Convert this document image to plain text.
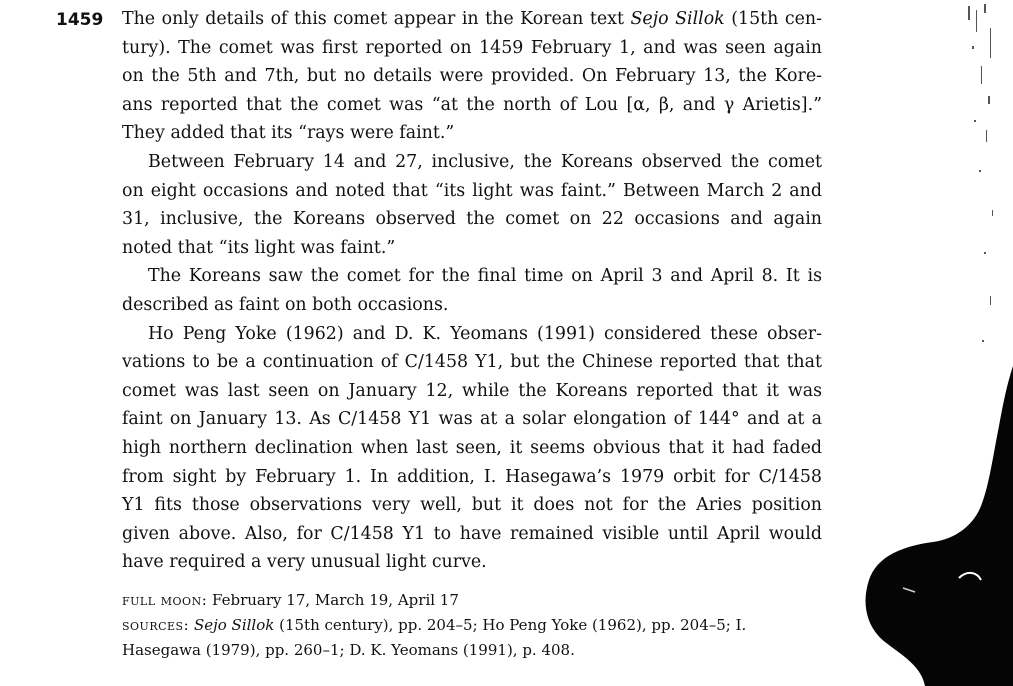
1459 The only details of this comet appear in the Korean text Sejo Sillok (15th cen-
tury). The comet was first reported on 1459 February 1, and was seen again
on the 5th and 7th, but no details were provided. On February 13, the Kore-
ans reported that the comet was “at the north of Lou [α, β, and γ Arietis].”
They added that its “rays were faint.”
Between February 14 and 27, inclusive, the Koreans observed the comet
on eight occasions and noted that “its light was faint.” Between March 2 and
31, inclusive, the Koreans observed the comet on 22 occasions and again
noted that “its light was faint.”
The Koreans saw the comet for the final time on April 3 and April 8. It is
described as faint on both occasions.
Ho Peng Yoke (1962) and D. K. Yeomans (1991) considered these obser-
vations to be a continuation of C/1458 Y1, but the Chinese reported that that
comet was last seen on January 12, while the Koreans reported that it was
faint on January 13. As C/1458 Y1 was at a solar elongation of 144° and at a
high northern declination when last seen, it seems obvious that it had faded
from sight by February 1. In addition, I. Hasegawa’s 1979 orbit for C/1458
Y1 fits those observations very well, but it does not for the Aries position
given above. Also, for C/1458 Y1 to have remained visible until April would
have required a very unusual light curve.
full moon: February 17, March 19, April 17
sources: Sejo Sillok (15th century), pp. 204–5; Ho Peng Yoke (1962), pp. 204–5; I.
Hasegawa (1979), pp. 260–1; D. K. Yeomans (1991), p. 408.
